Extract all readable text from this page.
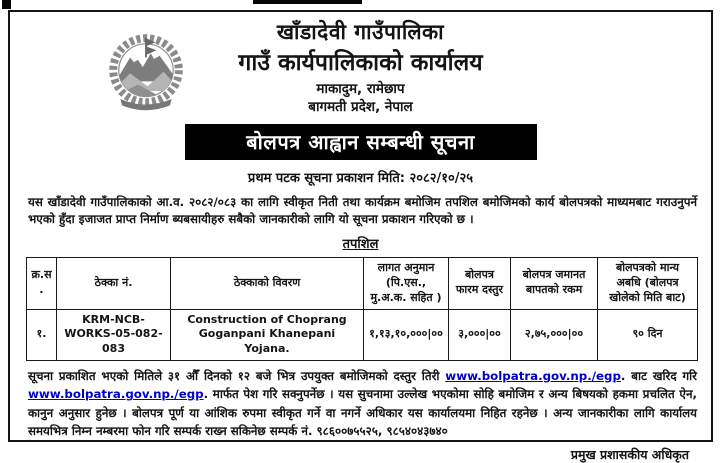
खाँडादेवी गाउँपालिका
गाउँ कार्यपालिकाको कार्यालय
माकादुम, रामेछाप
बागमती प्रदेश, नेपाल
बोलपत्र आह्वान सम्बन्धी सूचना
प्रथम पटक सूचना प्रकाशन मिति: २०८२/१०/२५
यस खाँडादेवी गाउँपालिकाको आ.व. २०८२/०८३ का लागि स्वीकृत निती तथा कार्यक्रम बमोजिम तपशिल बमोजिमको कार्य बोलपत्रको माध्यमबाट गराउनुपर्ने भएको हुँदा इजाजत प्राप्त निर्माण ब्यबसायीहरु सबैको जानकारीको लागि यो सूचना प्रकाशन गरिएको छ ।
तपशिल
क्र.स.	ठेक्का नं.	ठेक्काको विवरण	लागत अनुमान (पि.एस., मु.अ.क. सहित )	बोलपत्र फारम दस्तुर	बोलपत्र जमानत बापतको रकम	बोलपत्रको मान्य अबधि (बोलपत्र खोलेको मिति बाट)
१.	KRM-NCB-WORKS-05-082-083	Construction of Choprang Goganpani Khanepani Yojana.	१,१३,१०,०००|००	३,०००|००	२,७५,०००|००	९० दिन
सूचना प्रकाशित भएको मितिले ३१ औँ दिनको १२ बजे भित्र उपयुक्त बमोजिमको दस्तुर तिरी www.bolpatra.gov.np./egp. बाट खरिद गरि www.bolpatra.gov.np./egp. मार्फत पेश गरि सक्नुपर्नेछ । यस सुचनामा उल्लेख भएकोमा सोहि बमोजिम र अन्य बिषयको हकमा प्रचलित ऐन, कानुन अनुसार हुनेछ । बोलपत्र पूर्ण या आंशिक रुपमा स्वीकृत गर्ने वा नगर्ने अधिकार यस कार्यालयमा निहित रहनेछ । अन्य जानकारीका लागि कार्यालय समयभित्र निम्न नम्बरमा फोन गरि सम्पर्क राख्न सकिनेछ सम्पर्क नं. ९८६००७५५२५, ९८५४०४३७४०
प्रमुख प्रशासकीय अधिकृत
